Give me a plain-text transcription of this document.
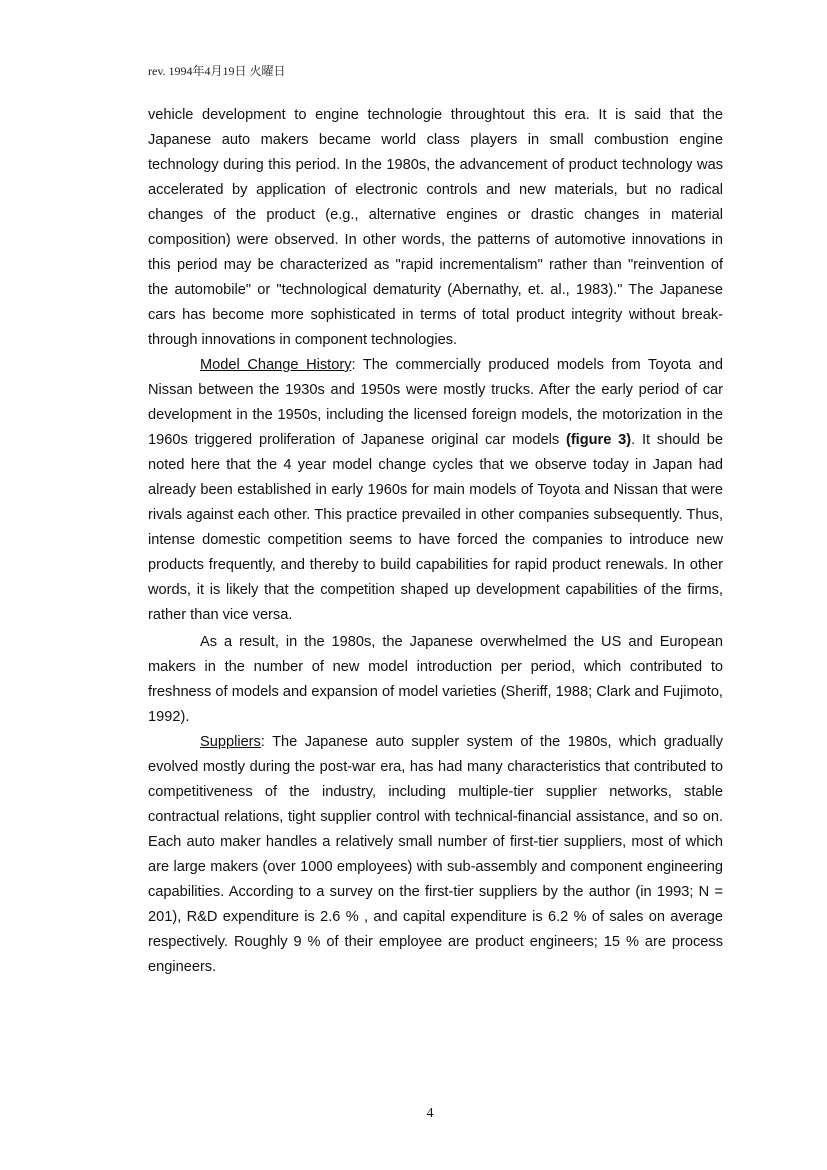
rev. 1994年4月19日 火曜日

vehicle development to engine technologie throughtout this era. It is said that the Japanese auto makers became world class players in small combustion engine technology during this period. In the 1980s, the advancement of product technology was accelerated by application of electronic controls and new materials, but no radical changes of the product (e.g., alternative engines or drastic changes in material composition) were observed. In other words, the patterns of automotive innovations in this period may be characterized as "rapid incrementalism" rather than "reinvention of the automobile" or "technological dematurity (Abernathy, et. al., 1983)." The Japanese cars has become more sophisticated in terms of total product integrity without break-through innovations in component technologies.

Model Change History: The commercially produced models from Toyota and Nissan between the 1930s and 1950s were mostly trucks. After the early period of car development in the 1950s, including the licensed foreign models, the motorization in the 1960s triggered proliferation of Japanese original car models (figure 3). It should be noted here that the 4 year model change cycles that we observe today in Japan had already been established in early 1960s for main models of Toyota and Nissan that were rivals against each other. This practice prevailed in other companies subsequently. Thus, intense domestic competition seems to have forced the companies to introduce new products frequently, and thereby to build capabilities for rapid product renewals. In other words, it is likely that the competition shaped up development capabilities of the firms, rather than vice versa.

As a result, in the 1980s, the Japanese overwhelmed the US and European makers in the number of new model introduction per period, which contributed to freshness of models and expansion of model varieties (Sheriff, 1988; Clark and Fujimoto, 1992).

Suppliers: The Japanese auto suppler system of the 1980s, which gradually evolved mostly during the post-war era, has had many characteristics that contributed to competitiveness of the industry, including multiple-tier supplier networks, stable contractual relations, tight supplier control with technical-financial assistance, and so on. Each auto maker handles a relatively small number of first-tier suppliers, most of which are large makers (over 1000 employees) with sub-assembly and component engineering capabilities. According to a survey on the first-tier suppliers by the author (in 1993; N = 201), R&D expenditure is 2.6 % , and capital expenditure is 6.2 % of sales on average respectively. Roughly 9 % of their employee are product engineers; 15 % are process engineers.

4
